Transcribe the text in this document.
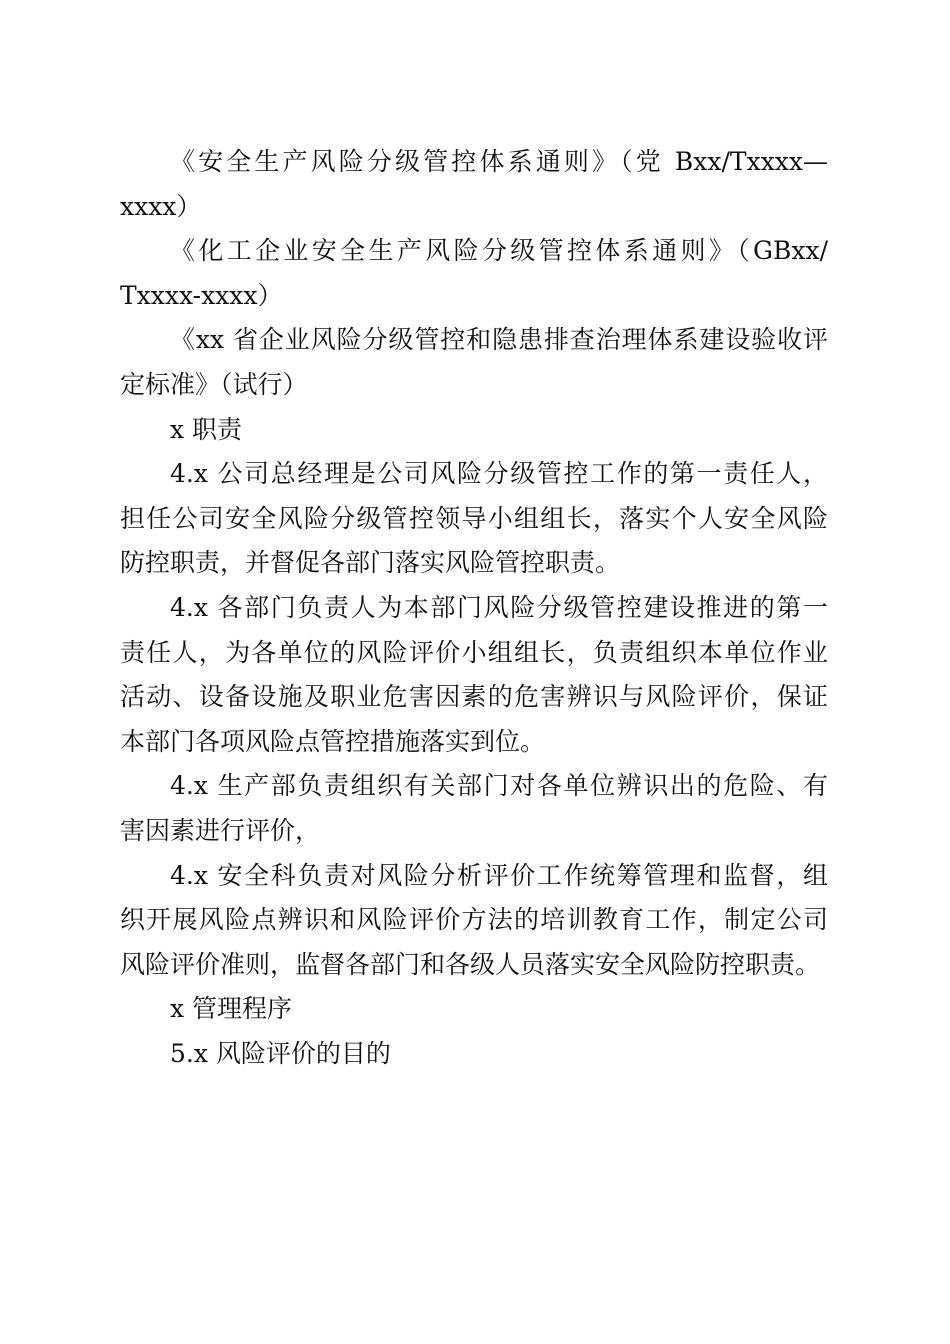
《安全生产风险分级管控体系通则》（党 Bxx/Txxxx—
xxxx）
《化工企业安全生产风险分级管控体系通则》（GBxx/
Txxxx-xxxx）
《xx 省企业风险分级管控和隐患排查治理体系建设验收评
定标准》（试行）
x 职责
4.x 公司总经理是公司风险分级管控工作的第一责任人，
担任公司安全风险分级管控领导小组组长，落实个人安全风险
防控职责，并督促各部门落实风险管控职责。
4.x 各部门负责人为本部门风险分级管控建设推进的第一
责任人，为各单位的风险评价小组组长，负责组织本单位作业
活动、设备设施及职业危害因素的危害辨识与风险评价，保证
本部门各项风险点管控措施落实到位。
4.x 生产部负责组织有关部门对各单位辨识出的危险、有
害因素进行评价，
4.x 安全科负责对风险分析评价工作统筹管理和监督，组
织开展风险点辨识和风险评价方法的培训教育工作，制定公司
风险评价准则，监督各部门和各级人员落实安全风险防控职责。
x 管理程序
5.x 风险评价的目的
